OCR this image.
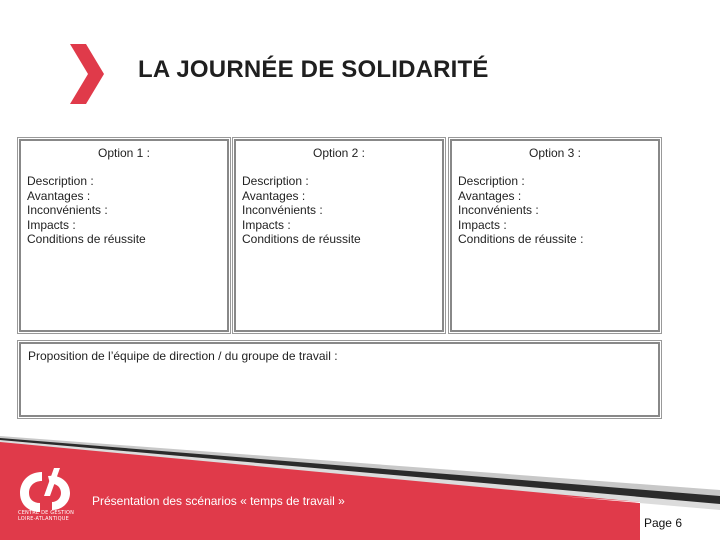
LA JOURNÉE DE SOLIDARITÉ
Option 1 :
Description :
Avantages :
Inconvénients :
Impacts :
Conditions de réussite
Option 2 :
Description :
Avantages :
Inconvénients :
Impacts :
Conditions de réussite
Option 3 :
Description :
Avantages :
Inconvénients :
Impacts :
Conditions de réussite :
Proposition de l’équipe de direction / du groupe de travail :
CENTRE DE GESTION
LOIRE-ATLANTIQUE
Présentation des scénarios « temps de travail »
Page 6
